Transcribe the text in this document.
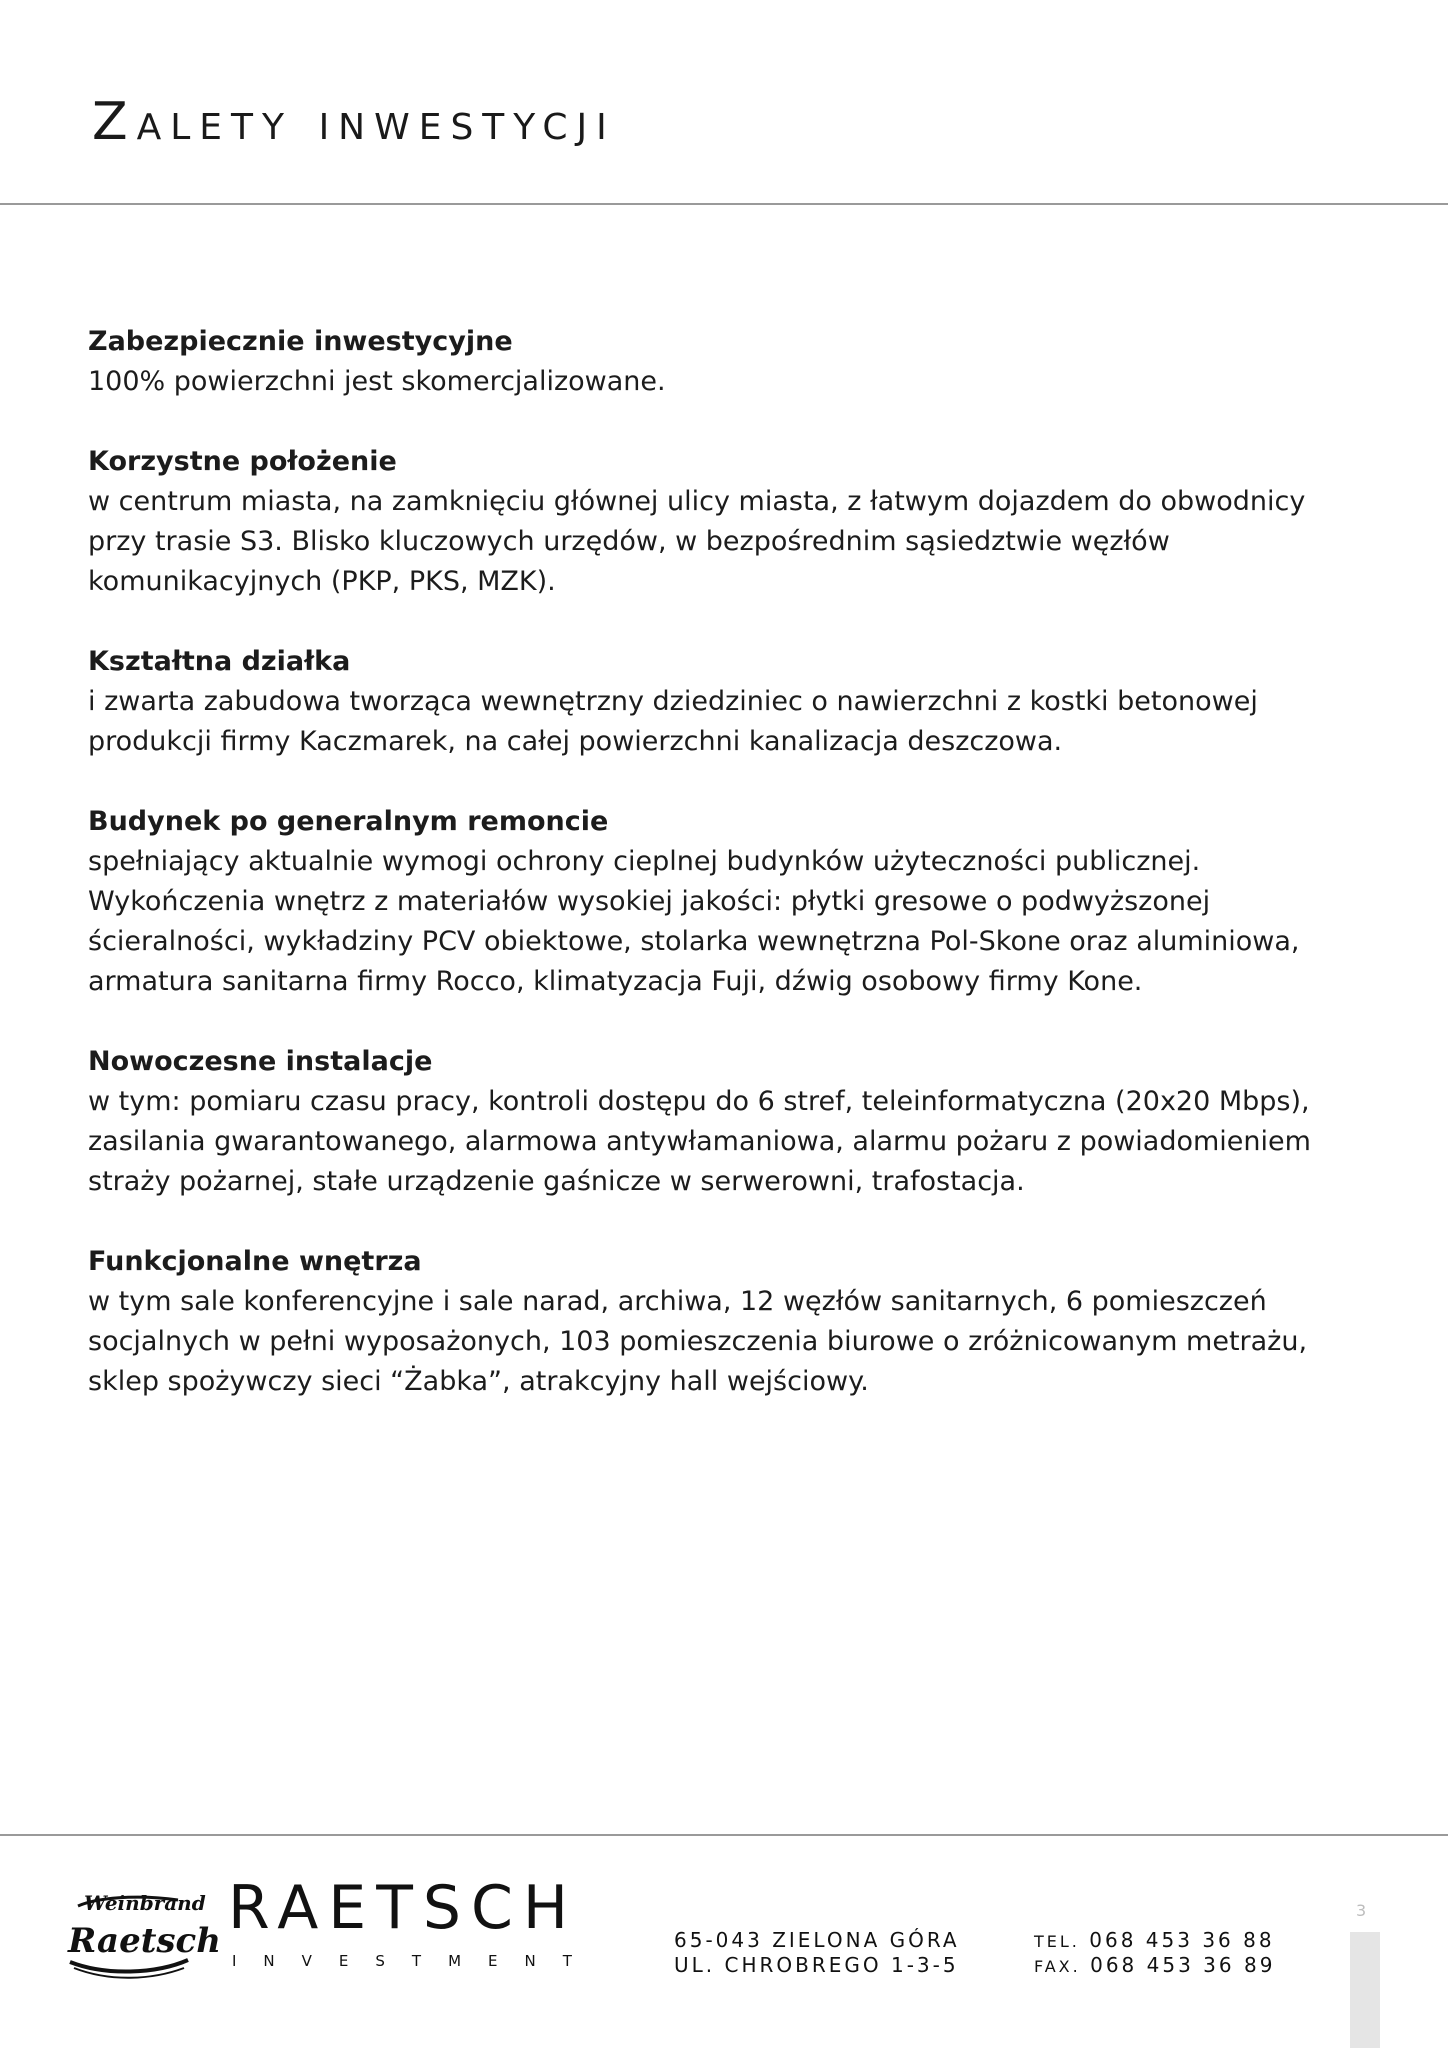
Zalety inwestycji
Zabezpiecznie inwestycyjne
100% powierzchni jest skomercjalizowane.
Korzystne położenie
w centrum miasta, na zamknięciu głównej ulicy miasta, z łatwym dojazdem do obwodnicy przy trasie S3. Blisko kluczowych urzędów, w bezpośrednim sąsiedztwie węzłów komunikacyjnych (PKP, PKS, MZK).
Kształtna działka
i zwarta zabudowa tworząca wewnętrzny dziedziniec o nawierzchni z kostki betonowej produkcji firmy Kaczmarek, na całej powierzchni kanalizacja deszczowa.
Budynek po generalnym remoncie
spełniający aktualnie wymogi ochrony cieplnej budynków użyteczności publicznej. Wykończenia wnętrz z materiałów wysokiej jakości: płytki gresowe o podwyższonej ścieralności, wykładziny PCV obiektowe, stolarka wewnętrzna Pol-Skone oraz aluminiowa, armatura sanitarna firmy Rocco, klimatyzacja Fuji, dźwig osobowy firmy Kone.
Nowoczesne instalacje
w tym: pomiaru czasu pracy, kontroli dostępu do 6 stref, teleinformatyczna (20x20 Mbps), zasilania gwarantowanego, alarmowa antywłamaniowa, alarmu pożaru z powiadomieniem straży pożarnej, stałe urządzenie gaśnicze w serwerowni, trafostacja.
Funkcjonalne wnętrza
w tym sale konferencyjne i sale narad, archiwa, 12 węzłów sanitarnych, 6 pomieszczeń socjalnych w pełni wyposażonych, 103 pomieszczenia biurowe o zróżnicowanym metrażu, sklep spożywczy sieci “Żabka”, atrakcyjny hall wejściowy.
Weinbrand
Raetsch RAETSCH
INVESTMENT
65-043 ZIELONA GÓRA
UL. CHROBREGO 1-3-5
TEL. 068 453 36 88
FAX. 068 453 36 89
3
